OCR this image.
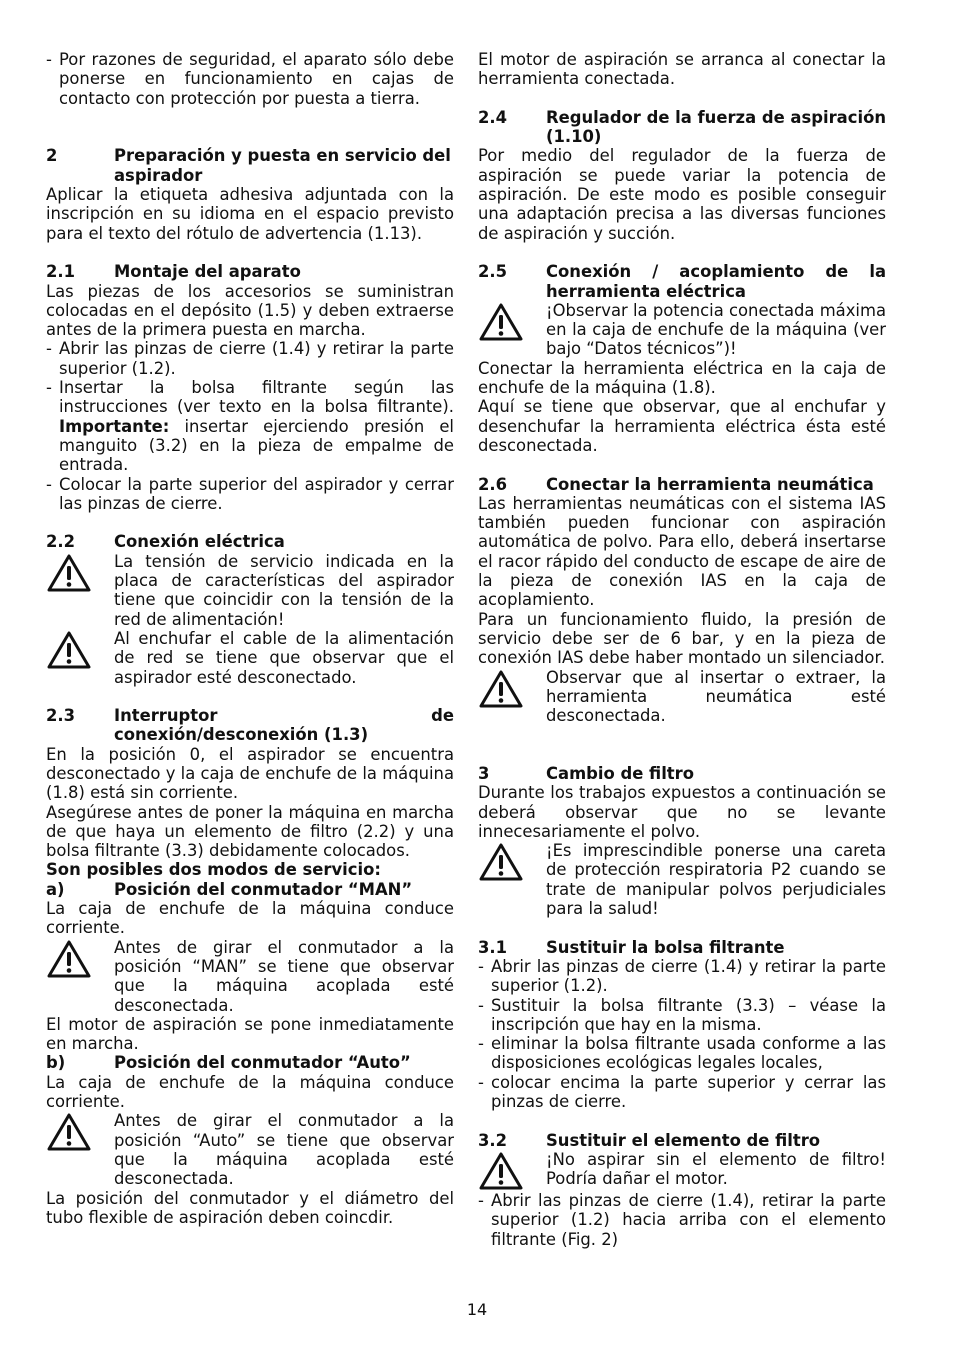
- Por razones de seguridad, el aparato sólo debe ponerse en funcionamiento en cajas de contacto con protección por puesta a tierra.
2	Preparación y puesta en servicio del aspirador

Aplicar la etiqueta adhesiva adjuntada con la inscripción en su idioma en el espacio previsto para el texto del rótulo de advertencia (1.13).

2.1	Montaje del aparato

Las piezas de los accesorios se suministran colocadas en el depósito (1.5) y deben extraerse antes de la primera puesta en marcha.

- Abrir las pinzas de cierre (1.4) y retirar la parte superior (1.2).
- Insertar la bolsa filtrante según las instrucciones (ver texto en la bolsa filtrante). Importante: insertar ejerciendo presión el manguito (3.2) en la pieza de empalme de entrada.
- Colocar la parte superior del aspirador y cerrar las pinzas de cierre.
2.2	Conexión eléctrica
La tensión de servicio indicada en la placa de características del aspirador tiene que coincidir con la tensión de la red de alimentación!
Al enchufar el cable de la alimentación de red se tiene que observar que el aspirador esté desconectado.
2.3	Interruptor de conexión/desconexión (1.3)

En la posición 0, el aspirador se encuentra desconectado y la caja de enchufe de la máquina (1.8) está sin corriente.

Asegúrese antes de poner la máquina en marcha de que haya un elemento de filtro (2.2) y una bolsa filtrante (3.3) debidamente colocados.

Son posibles dos modos de servicio:

a)	Posición del conmutador “MAN”

La caja de enchufe de la máquina conduce corriente.

Antes de girar el conmutador a la posición “MAN” se tiene que observar que la máquina acoplada esté desconectada.

El motor de aspiración se pone inmediatamente en marcha.

b)	Posición del conmutador “Auto”

La caja de enchufe de la máquina conduce corriente.

Antes de girar el conmutador a la posición “Auto” se tiene que observar que la máquina acoplada esté desconectada.

La posición del conmutador y el diámetro del tubo flexible de aspiración deben coincdir.

El motor de aspiración se arranca al conectar la herramienta conectada.

2.4	Regulador de la fuerza de aspiración (1.10)

Por medio del regulador de la fuerza de aspiración se puede variar la potencia de aspiración. De este modo es posible conseguir una adaptación precisa a las diversas funciones de aspiración y succión.

2.5	Conexión / acoplamiento de la herramienta eléctrica
¡Observar la potencia conectada máxima en la caja de enchufe de la máquina (ver bajo “Datos técnicos”)!

Conectar la herramienta eléctrica en la caja de enchufe de la máquina (1.8).

Aquí se tiene que observar, que al enchufar y desenchufar la herramienta eléctrica ésta esté desconectada.

2.6	Conectar la herramienta neumática

Las herramientas neumáticas con el sistema IAS también pueden funcionar con aspiración automática de polvo. Para ello, deberá insertarse el racor rápido del conducto de escape de aire de la pieza de conexión IAS en la caja de acoplamiento.

Para un funcionamiento fluido, la presión de servicio debe ser de 6 bar, y en la pieza de conexión IAS debe haber montado un silenciador.

Observar que al insertar o extraer, la herramienta neumática esté desconectada.
3	Cambio de filtro

Durante los trabajos expuestos a continuación se deberá observar que no se levante innecesariamente el polvo.

¡Es imprescindible ponerse una careta de protección respiratoria P2 cuando se trate de manipular polvos perjudiciales para la salud!
3.1	Sustituir la bolsa filtrante
- Abrir las pinzas de cierre (1.4) y retirar la parte superior (1.2).
- Sustituir la bolsa filtrante (3.3) – véase la inscripción que hay en la misma.
- eliminar la bolsa filtrante usada conforme a las disposiciones ecológicas legales locales,
- colocar encima la parte superior y cerrar las pinzas de cierre.
3.2	Sustituir el elemento de filtro
¡No aspirar sin el elemento de filtro! Podría dañar el motor.
- Abrir las pinzas de cierre (1.4), retirar la parte superior (1.2) hacia arriba con el elemento filtrante (Fig. 2)
14
